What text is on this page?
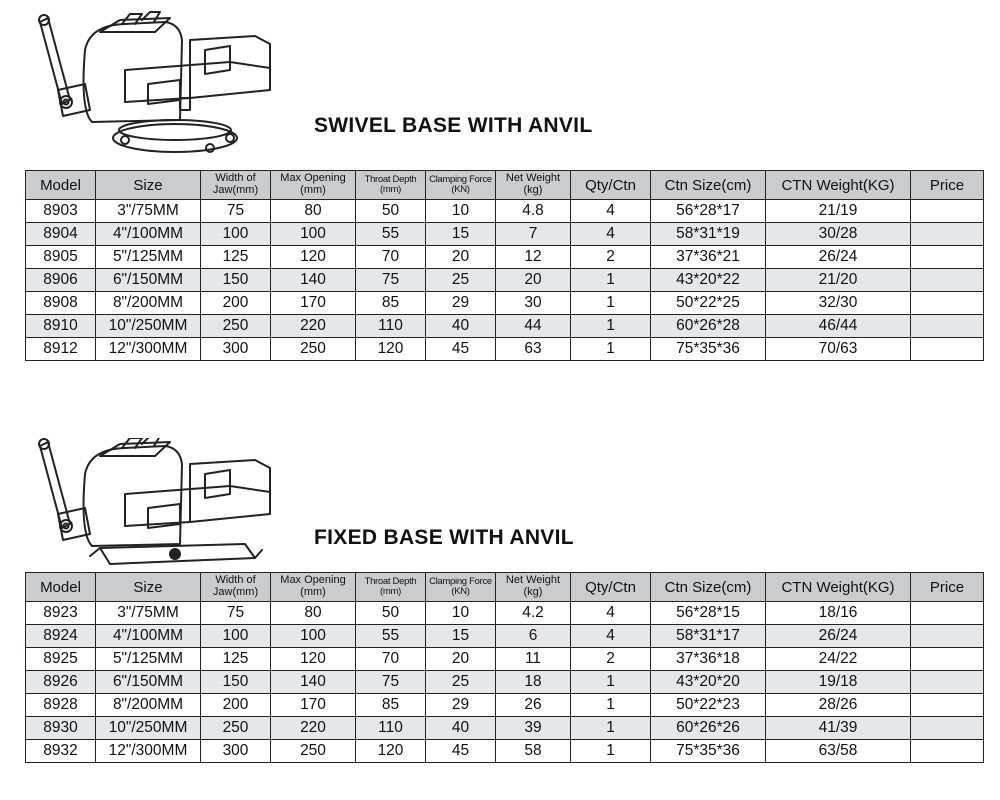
SWIVEL BASE WITH ANVIL
Model	Size	Width of Jaw(mm)	Max Opening (mm)	Throat Depth (mm)	Clamping Force (KN)	Net Weight (kg)	Qty/Ctn	Ctn Size(cm)	CTN Weight(KG)	Price
8903	3"/75MM	75	80	50	10	4.8	4	56*28*17	21/19	
8904	4"/100MM	100	100	55	15	7	4	58*31*19	30/28	
8905	5"/125MM	125	120	70	20	12	2	37*36*21	26/24	
8906	6"/150MM	150	140	75	25	20	1	43*20*22	21/20	
8908	8"/200MM	200	170	85	29	30	1	50*22*25	32/30	
8910	10"/250MM	250	220	110	40	44	1	60*26*28	46/44	
8912	12"/300MM	300	250	120	45	63	1	75*35*36	70/63	
FIXED BASE WITH ANVIL
Model	Size	Width of Jaw(mm)	Max Opening (mm)	Throat Depth (mm)	Clamping Force (KN)	Net Weight (kg)	Qty/Ctn	Ctn Size(cm)	CTN Weight(KG)	Price
8923	3"/75MM	75	80	50	10	4.2	4	56*28*15	18/16	
8924	4"/100MM	100	100	55	15	6	4	58*31*17	26/24	
8925	5"/125MM	125	120	70	20	11	2	37*36*18	24/22	
8926	6"/150MM	150	140	75	25	18	1	43*20*20	19/18	
8928	8"/200MM	200	170	85	29	26	1	50*22*23	28/26	
8930	10"/250MM	250	220	110	40	39	1	60*26*26	41/39	
8932	12"/300MM	300	250	120	45	58	1	75*35*36	63/58	
